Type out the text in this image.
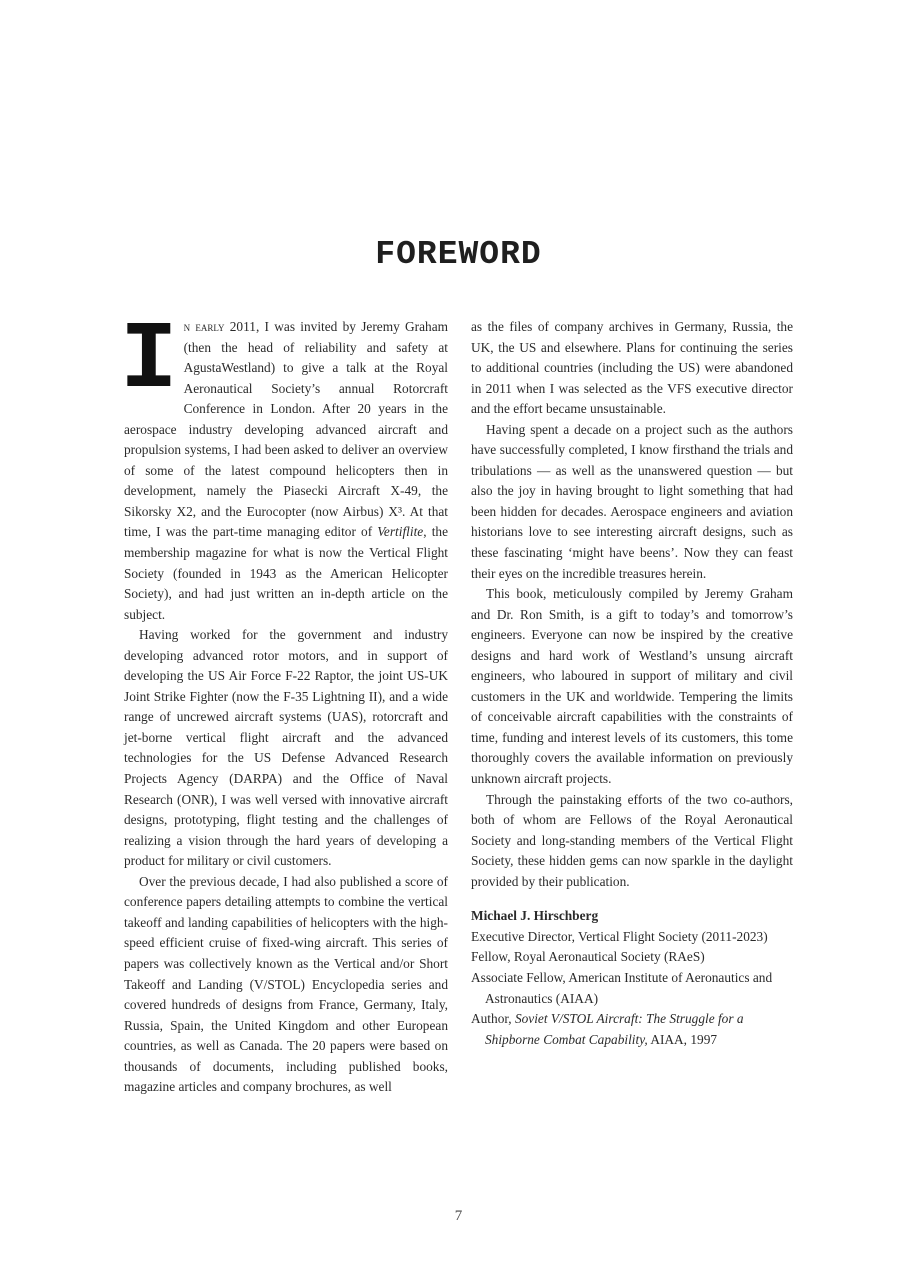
FOREWORD

In early 2011, I was invited by Jeremy Graham (then the head of reliability and safety at AgustaWestland) to give a talk at the Royal Aeronautical Society’s annual Rotorcraft Conference in London. After 20 years in the aerospace industry developing advanced aircraft and propulsion systems, I had been asked to deliver an overview of some of the latest compound helicopters then in development, namely the Piasecki Aircraft X-49, the Sikorsky X2, and the Eurocopter (now Airbus) X³. At that time, I was the part-time managing editor of Vertiflite, the membership magazine for what is now the Vertical Flight Society (founded in 1943 as the American Helicopter Society), and had just written an in-depth article on the subject.

Having worked for the government and industry developing advanced rotor motors, and in support of developing the US Air Force F-22 Raptor, the joint US-UK Joint Strike Fighter (now the F-35 Lightning II), and a wide range of uncrewed aircraft systems (UAS), rotorcraft and jet-borne vertical flight aircraft and the advanced technologies for the US Defense Advanced Research Projects Agency (DARPA) and the Office of Naval Research (ONR), I was well versed with innovative aircraft designs, prototyping, flight testing and the challenges of realizing a vision through the hard years of developing a product for military or civil customers.

Over the previous decade, I had also published a score of conference papers detailing attempts to combine the vertical takeoff and landing capabilities of helicopters with the high-speed efficient cruise of fixed-wing aircraft. This series of papers was collectively known as the Vertical and/or Short Takeoff and Landing (V/STOL) Encyclopedia series and covered hundreds of designs from France, Germany, Italy, Russia, Spain, the United Kingdom and other European countries, as well as Canada. The 20 papers were based on thousands of documents, including published books, magazine articles and company brochures, as well

as the files of company archives in Germany, Russia, the UK, the US and elsewhere. Plans for continuing the series to additional countries (including the US) were abandoned in 2011 when I was selected as the VFS executive director and the effort became unsustainable.

Having spent a decade on a project such as the authors have successfully completed, I know firsthand the trials and tribulations — as well as the unanswered question — but also the joy in having brought to light something that had been hidden for decades. Aerospace engineers and aviation historians love to see interesting aircraft designs, such as these fascinating ‘might have beens’. Now they can feast their eyes on the incredible treasures herein.

This book, meticulously compiled by Jeremy Graham and Dr. Ron Smith, is a gift to today’s and tomorrow’s engineers. Everyone can now be inspired by the creative designs and hard work of Westland’s unsung aircraft engineers, who laboured in support of military and civil customers in the UK and worldwide. Tempering the limits of conceivable aircraft capabilities with the constraints of time, funding and interest levels of its customers, this tome thoroughly covers the available information on previously unknown aircraft projects.

Through the painstaking efforts of the two co-authors, both of whom are Fellows of the Royal Aeronautical Society and long-standing members of the Vertical Flight Society, these hidden gems can now sparkle in the daylight provided by their publication.

Michael J. Hirschberg
Executive Director, Vertical Flight Society (2011-2023)
Fellow, Royal Aeronautical Society (RAeS)
Associate Fellow, American Institute of Aeronautics and Astronautics (AIAA)
Author, Soviet V/STOL Aircraft: The Struggle for a Shipborne Combat Capability, AIAA, 1997
7
